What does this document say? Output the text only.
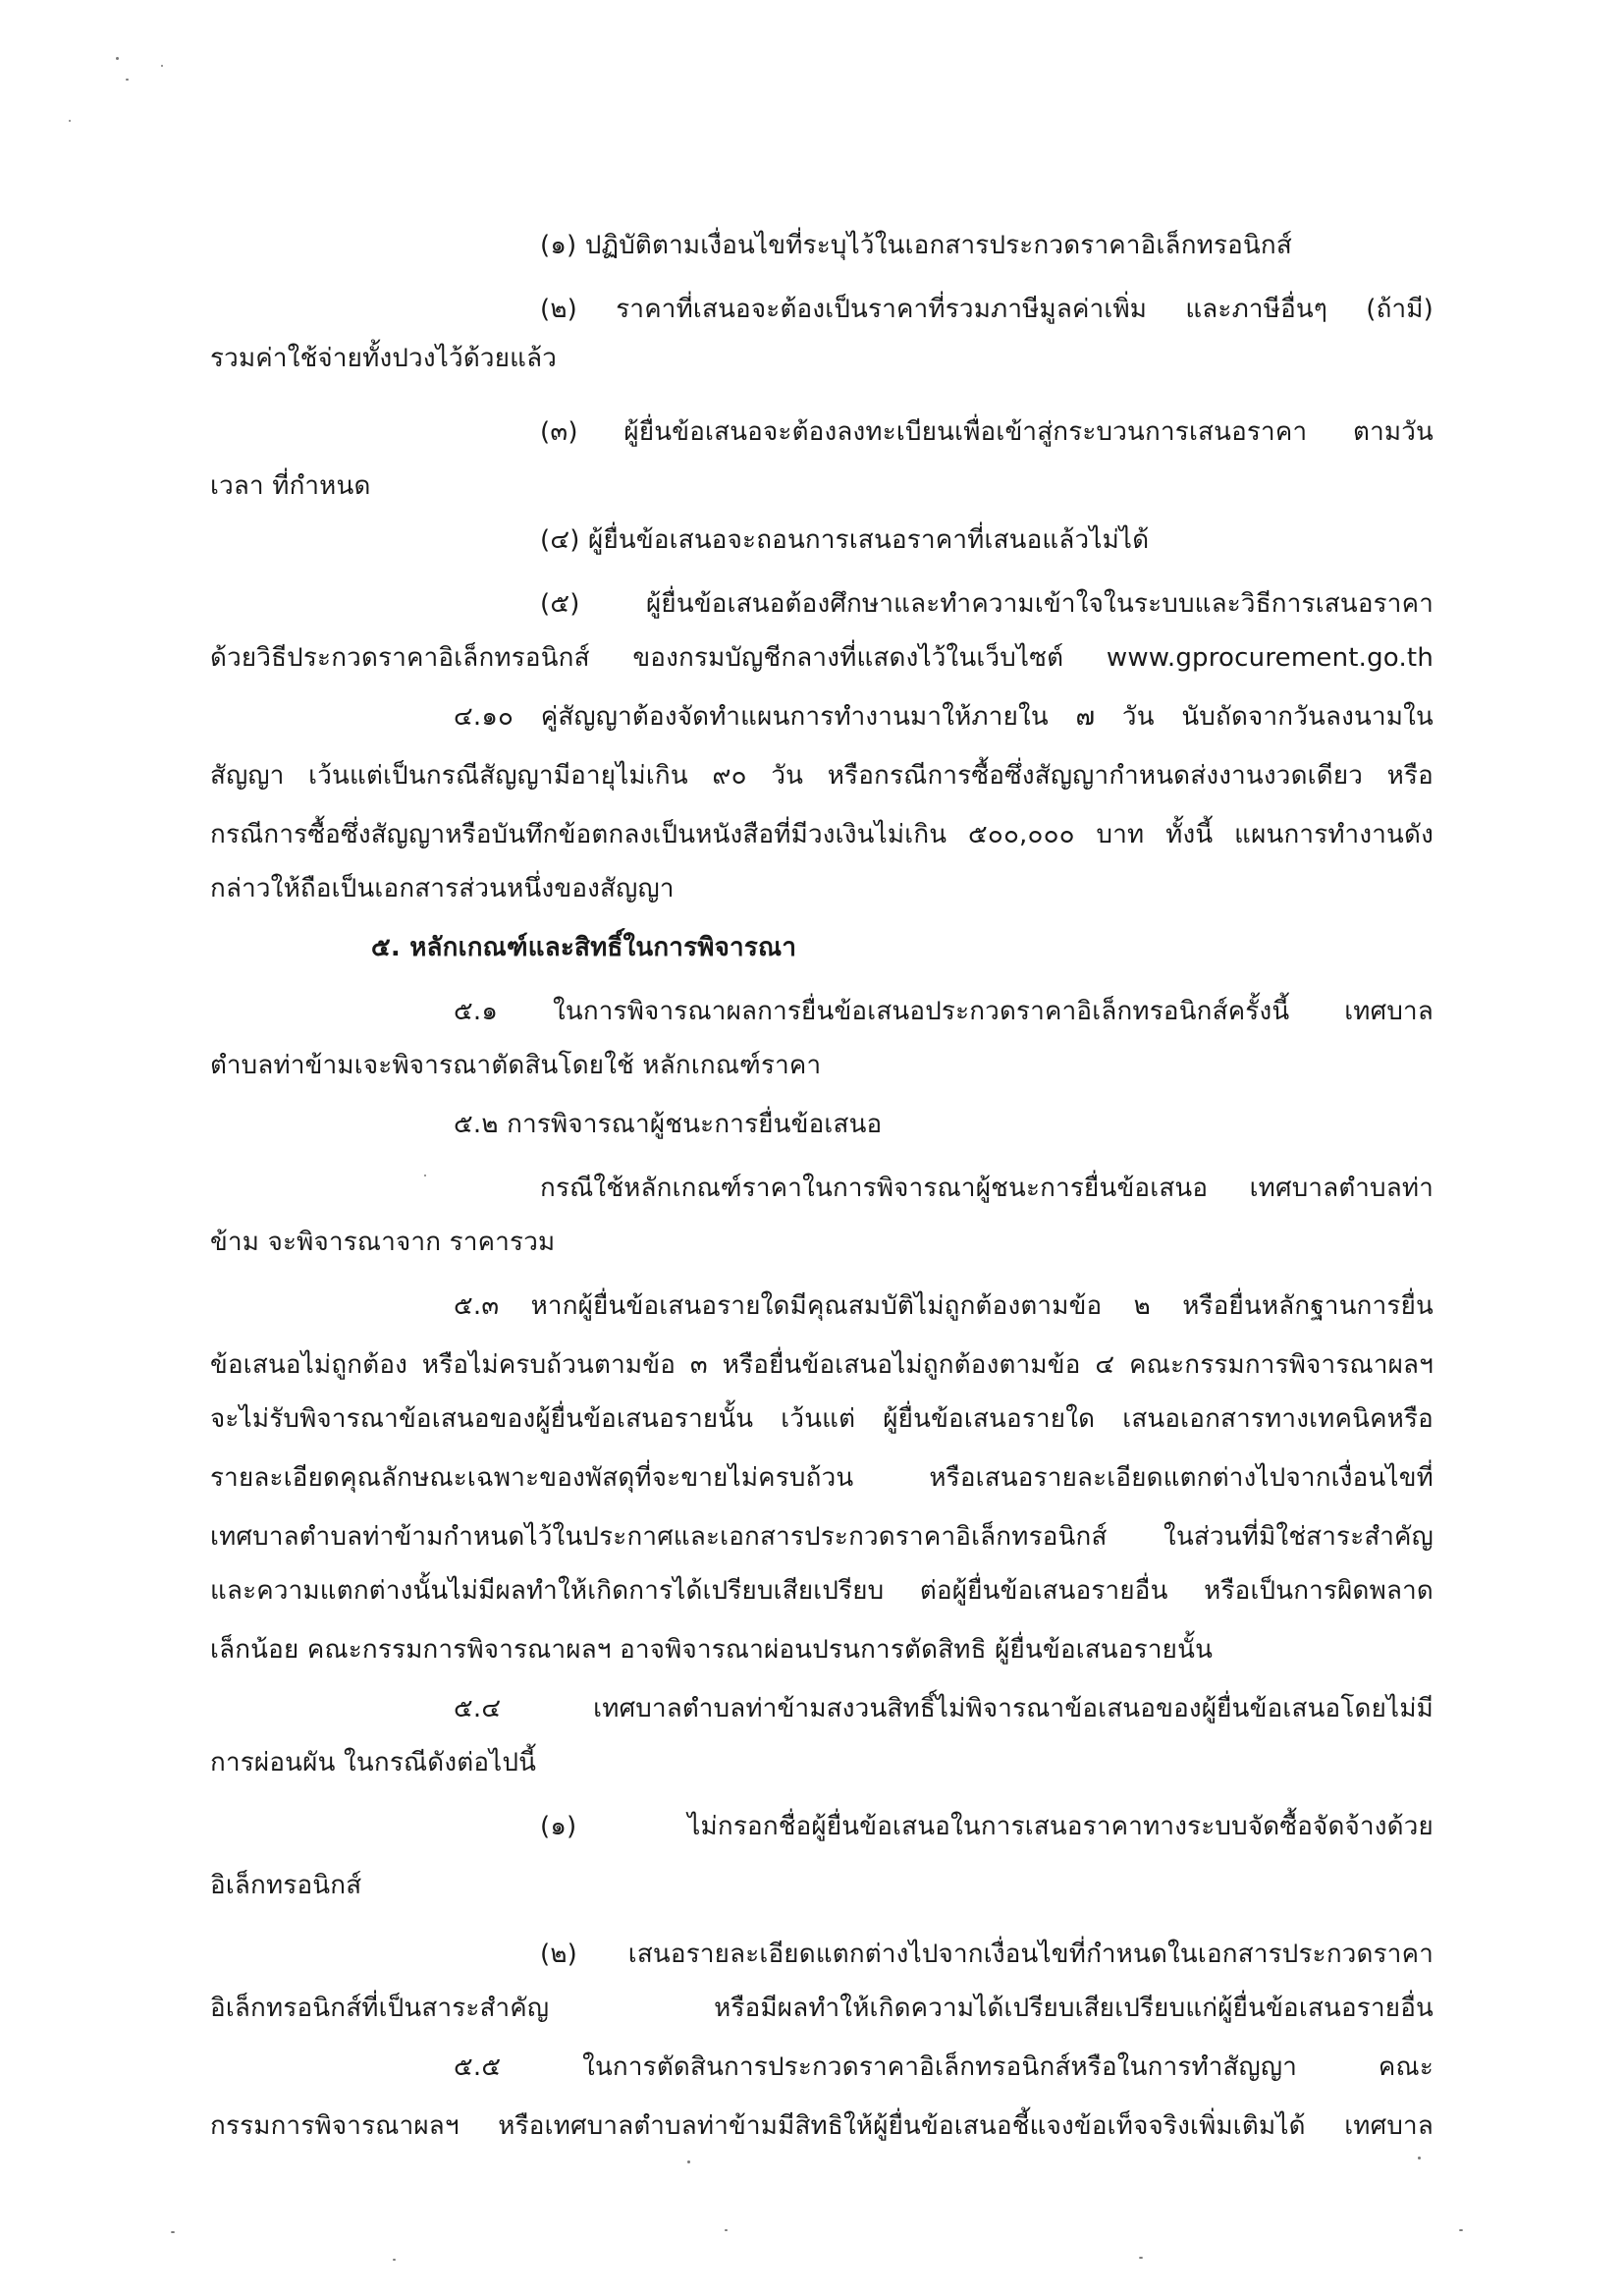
(๑) ปฏิบัติตามเงื่อนไขที่ระบุไว้ในเอกสารประกวดราคาอิเล็กทรอนิกส์
(๒) ราคาที่เสนอจะต้องเป็นราคาที่รวมภาษีมูลค่าเพิ่ม และภาษีอื่นๆ (ถ้ามี)
รวมค่าใช้จ่ายทั้งปวงไว้ด้วยแล้ว
(๓) ผู้ยื่นข้อเสนอจะต้องลงทะเบียนเพื่อเข้าสู่กระบวนการเสนอราคา ตามวัน
เวลา ที่กำหนด
(๔) ผู้ยื่นข้อเสนอจะถอนการเสนอราคาที่เสนอแล้วไม่ได้
(๕) ผู้ยื่นข้อเสนอต้องศึกษาและทำความเข้าใจในระบบและวิธีการเสนอราคา
ด้วยวิธีประกวดราคาอิเล็กทรอนิกส์ ของกรมบัญชีกลางที่แสดงไว้ในเว็บไซต์ www.gprocurement.go.th
๔.๑๐ คู่สัญญาต้องจัดทำแผนการทำงานมาให้ภายใน ๗ วัน นับถัดจากวันลงนามใน
สัญญา เว้นแต่เป็นกรณีสัญญามีอายุไม่เกิน ๙๐ วัน หรือกรณีการซื้อซึ่งสัญญากำหนดส่งงานงวดเดียว หรือ
กรณีการซื้อซึ่งสัญญาหรือบันทึกข้อตกลงเป็นหนังสือที่มีวงเงินไม่เกิน ๕๐๐,๐๐๐ บาท ทั้งนี้ แผนการทำงานดัง
กล่าวให้ถือเป็นเอกสารส่วนหนึ่งของสัญญา
๕. หลักเกณฑ์และสิทธิ์ในการพิจารณา
๕.๑ ในการพิจารณาผลการยื่นข้อเสนอประกวดราคาอิเล็กทรอนิกส์ครั้งนี้ เทศบาล
ตำบลท่าข้ามเจะพิจารณาตัดสินโดยใช้ หลักเกณฑ์ราคา
๕.๒ การพิจารณาผู้ชนะการยื่นข้อเสนอ
กรณีใช้หลักเกณฑ์ราคาในการพิจารณาผู้ชนะการยื่นข้อเสนอ เทศบาลตำบลท่า
ข้าม จะพิจารณาจาก ราคารวม
๕.๓ หากผู้ยื่นข้อเสนอรายใดมีคุณสมบัติไม่ถูกต้องตามข้อ ๒ หรือยื่นหลักฐานการยื่น
ข้อเสนอไม่ถูกต้อง หรือไม่ครบถ้วนตามข้อ ๓ หรือยื่นข้อเสนอไม่ถูกต้องตามข้อ ๔ คณะกรรมการพิจารณาผลฯ
จะไม่รับพิจารณาข้อเสนอของผู้ยื่นข้อเสนอรายนั้น เว้นแต่ ผู้ยื่นข้อเสนอรายใด เสนอเอกสารทางเทคนิคหรือ
รายละเอียดคุณลักษณะเฉพาะของพัสดุที่จะขายไม่ครบถ้วน หรือเสนอรายละเอียดแตกต่างไปจากเงื่อนไขที่
เทศบาลตำบลท่าข้ามกำหนดไว้ในประกาศและเอกสารประกวดราคาอิเล็กทรอนิกส์ ในส่วนที่มิใช่สาระสำคัญ
และความแตกต่างนั้นไม่มีผลทำให้เกิดการได้เปรียบเสียเปรียบ ต่อผู้ยื่นข้อเสนอรายอื่น หรือเป็นการผิดพลาด
เล็กน้อย คณะกรรมการพิจารณาผลฯ อาจพิจารณาผ่อนปรนการตัดสิทธิ ผู้ยื่นข้อเสนอรายนั้น
๕.๔ เทศบาลตำบลท่าข้ามสงวนสิทธิ์ไม่พิจารณาข้อเสนอของผู้ยื่นข้อเสนอโดยไม่มี
การผ่อนผัน ในกรณีดังต่อไปนี้
(๑) ไม่กรอกชื่อผู้ยื่นข้อเสนอในการเสนอราคาทางระบบจัดซื้อจัดจ้างด้วย
อิเล็กทรอนิกส์
(๒) เสนอรายละเอียดแตกต่างไปจากเงื่อนไขที่กำหนดในเอกสารประกวดราคา
อิเล็กทรอนิกส์ที่เป็นสาระสำคัญ หรือมีผลทำให้เกิดความได้เปรียบเสียเปรียบแก่ผู้ยื่นข้อเสนอรายอื่น
๕.๕ ในการตัดสินการประกวดราคาอิเล็กทรอนิกส์หรือในการทำสัญญา คณะ
กรรมการพิจารณาผลฯ หรือเทศบาลตำบลท่าข้ามมีสิทธิให้ผู้ยื่นข้อเสนอชี้แจงข้อเท็จจริงเพิ่มเติมได้ เทศบาล
